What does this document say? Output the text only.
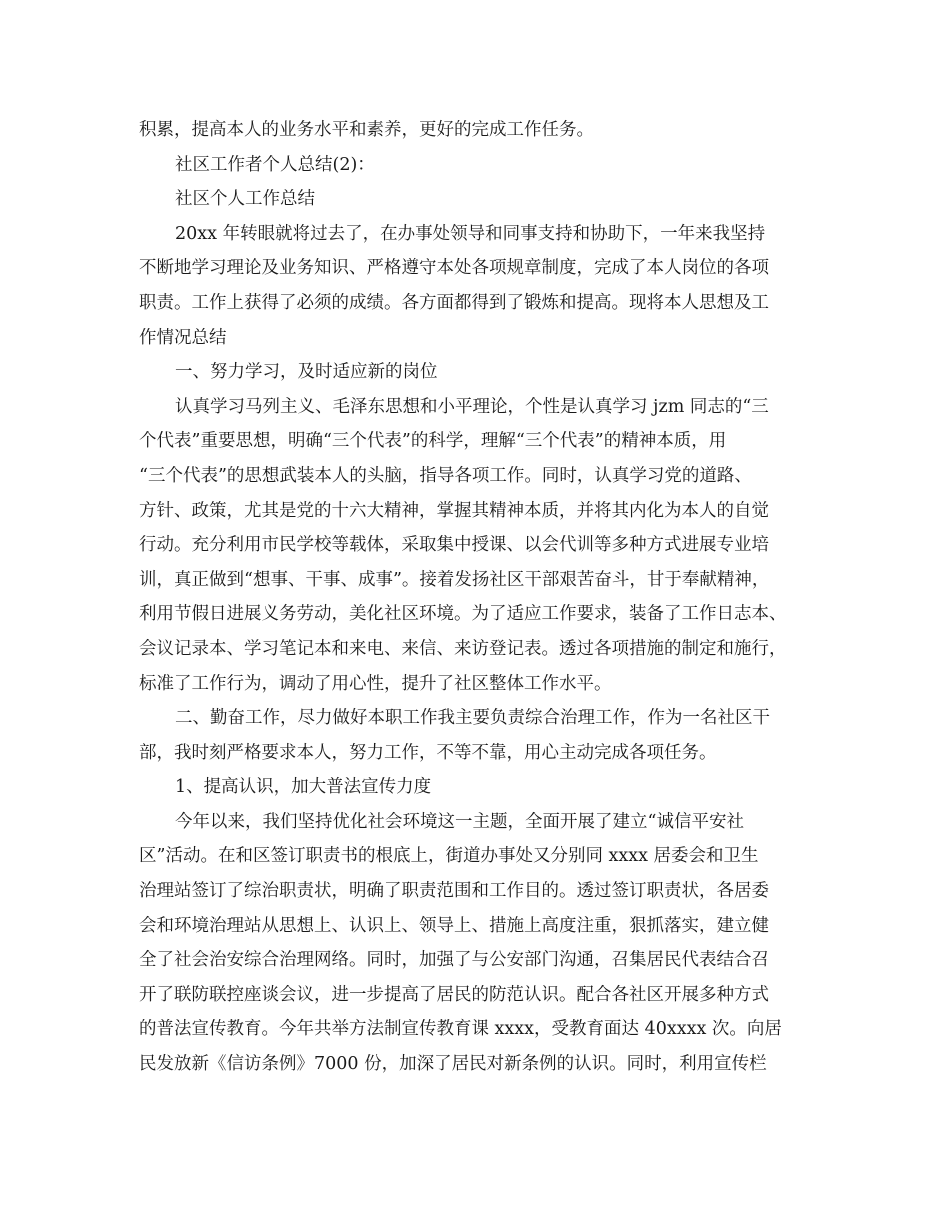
积累，提高本人的业务水平和素养，更好的完成工作任务。
社区工作者个人总结(2)：
社区个人工作总结
20xx 年转眼就将过去了，在办事处领导和同事支持和协助下，一年来我坚持
不断地学习理论及业务知识、严格遵守本处各项规章制度，完成了本人岗位的各项
职责。工作上获得了必须的成绩。各方面都得到了锻炼和提高。现将本人思想及工
作情况总结
一、努力学习，及时适应新的岗位
认真学习马列主义、毛泽东思想和小平理论，个性是认真学习 jzm 同志的“三
个代表”重要思想，明确“三个代表”的科学，理解“三个代表”的精神本质，用
“三个代表”的思想武装本人的头脑，指导各项工作。同时，认真学习党的道路、
方针、政策，尤其是党的十六大精神，掌握其精神本质，并将其内化为本人的自觉
行动。充分利用市民学校等载体，采取集中授课、以会代训等多种方式进展专业培
训，真正做到“想事、干事、成事”。接着发扬社区干部艰苦奋斗，甘于奉献精神，
利用节假日进展义务劳动，美化社区环境。为了适应工作要求，装备了工作日志本、
会议记录本、学习笔记本和来电、来信、来访登记表。透过各项措施的制定和施行，
标准了工作行为，调动了用心性，提升了社区整体工作水平。
二、勤奋工作，尽力做好本职工作我主要负责综合治理工作，作为一名社区干
部，我时刻严格要求本人，努力工作，不等不靠，用心主动完成各项任务。
1、提高认识，加大普法宣传力度
今年以来，我们坚持优化社会环境这一主题，全面开展了建立“诚信平安社
区”活动。在和区签订职责书的根底上，街道办事处又分别同 xxxx 居委会和卫生
治理站签订了综治职责状，明确了职责范围和工作目的。透过签订职责状，各居委
会和环境治理站从思想上、认识上、领导上、措施上高度注重，狠抓落实，建立健
全了社会治安综合治理网络。同时，加强了与公安部门沟通，召集居民代表结合召
开了联防联控座谈会议，进一步提高了居民的防范认识。配合各社区开展多种方式
的普法宣传教育。今年共举方法制宣传教育课 xxxx，受教育面达 40xxxx 次。向居
民发放新《信访条例》7000 份，加深了居民对新条例的认识。同时，利用宣传栏
